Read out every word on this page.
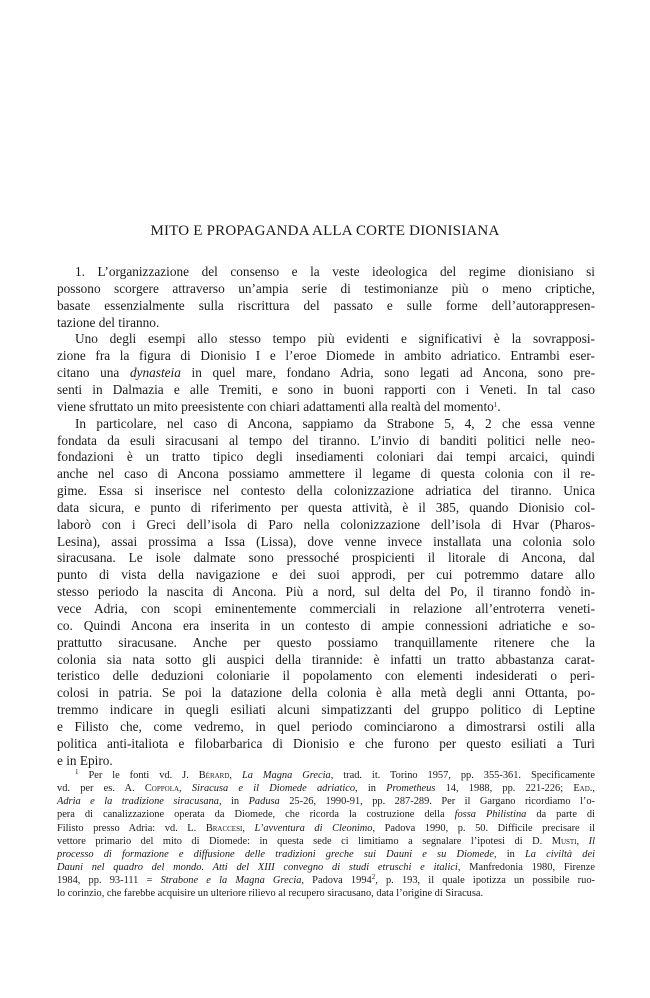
MITO E PROPAGANDA ALLA CORTE DIONISIANA
1. L’organizzazione del consenso e la veste ideologica del regime dionisiano si
possono scorgere attraverso un’ampia serie di testimonianze più o meno criptiche,
basate essenzialmente sulla riscrittura del passato e sulle forme dell’autorappresen-
tazione del tiranno.
Uno degli esempi allo stesso tempo più evidenti e significativi è la sovrapposi-
zione fra la figura di Dionisio I e l’eroe Diomede in ambito adriatico. Entrambi eser-
citano una dynasteia in quel mare, fondano Adria, sono legati ad Ancona, sono pre-
senti in Dalmazia e alle Tremiti, e sono in buoni rapporti con i Veneti. In tal caso
viene sfruttato un mito preesistente con chiari adattamenti alla realtà del momento$^1$.
In particolare, nel caso di Ancona, sappiamo da Strabone 5, 4, 2 che essa venne
fondata da esuli siracusani al tempo del tiranno. L’invio di banditi politici nelle neo-
fondazioni è un tratto tipico degli insediamenti coloniari dai tempi arcaici, quindi
anche nel caso di Ancona possiamo ammettere il legame di questa colonia con il re-
gime. Essa si inserisce nel contesto della colonizzazione adriatica del tiranno. Unica
data sicura, e punto di riferimento per questa attività, è il 385, quando Dionisio col-
laborò con i Greci dell’isola di Paro nella colonizzazione dell’isola di Hvar (Pharos-
Lesina), assai prossima a Issa (Lissa), dove venne invece installata una colonia solo
siracusana. Le isole dalmate sono pressoché prospicienti il litorale di Ancona, dal
punto di vista della navigazione e dei suoi approdi, per cui potremmo datare allo
stesso periodo la nascita di Ancona. Più a nord, sul delta del Po, il tiranno fondò in-
vece Adria, con scopi eminentemente commerciali in relazione all’entroterra veneti-
co. Quindi Ancona era inserita in un contesto di ampie connessioni adriatiche e so-
prattutto siracusane. Anche per questo possiamo tranquillamente ritenere che la
colonia sia nata sotto gli auspici della tirannide: è infatti un tratto abbastanza carat-
teristico delle deduzioni coloniarie il popolamento con elementi indesiderati o peri-
colosi in patria. Se poi la datazione della colonia è alla metà degli anni Ottanta, po-
tremmo indicare in quegli esiliati alcuni simpatizzanti del gruppo politico di Leptine
e Filisto che, come vedremo, in quel periodo cominciarono a dimostrarsi ostili alla
politica anti-italiota e filobarbarica di Dionisio e che furono per questo esiliati a Turi
e in Epiro.
$^1$ Per le fonti vd. J. Bérard, La Magna Grecia, trad. it. Torino 1957, pp. 355-361. Specificamente
vd. per es. A. Coppola, Siracusa e il Diomede adriatico, in Prometheus 14, 1988, pp. 221-226; Ead.,
Adria e la tradizione siracusana, in Padusa 25-26, 1990-91, pp. 287-289. Per il Gargano ricordiamo l’o-
pera di canalizzazione operata da Diomede, che ricorda la costruzione della fossa Philistina da parte di
Filisto presso Adria: vd. L. Braccesi, L’avventura di Cleonimo, Padova 1990, p. 50. Difficile precisare il
vettore primario del mito di Diomede: in questa sede ci limitiamo a segnalare l’ipotesi di D. Musti, Il
processo di formazione e diffusione delle tradizioni greche sui Dauni e su Diomede, in La civiltà dei
Dauni nel quadro del mondo. Atti del XIII convegno di studi etruschi e italici, Manfredonia 1980, Firenze
1984, pp. 93-111 = Strabone e la Magna Grecia, Padova 1994$^2$, p. 193, il quale ipotizza un possibile ruo-
lo corinzio, che farebbe acquisire un ulteriore rilievo al recupero siracusano, data l’origine di Siracusa.
